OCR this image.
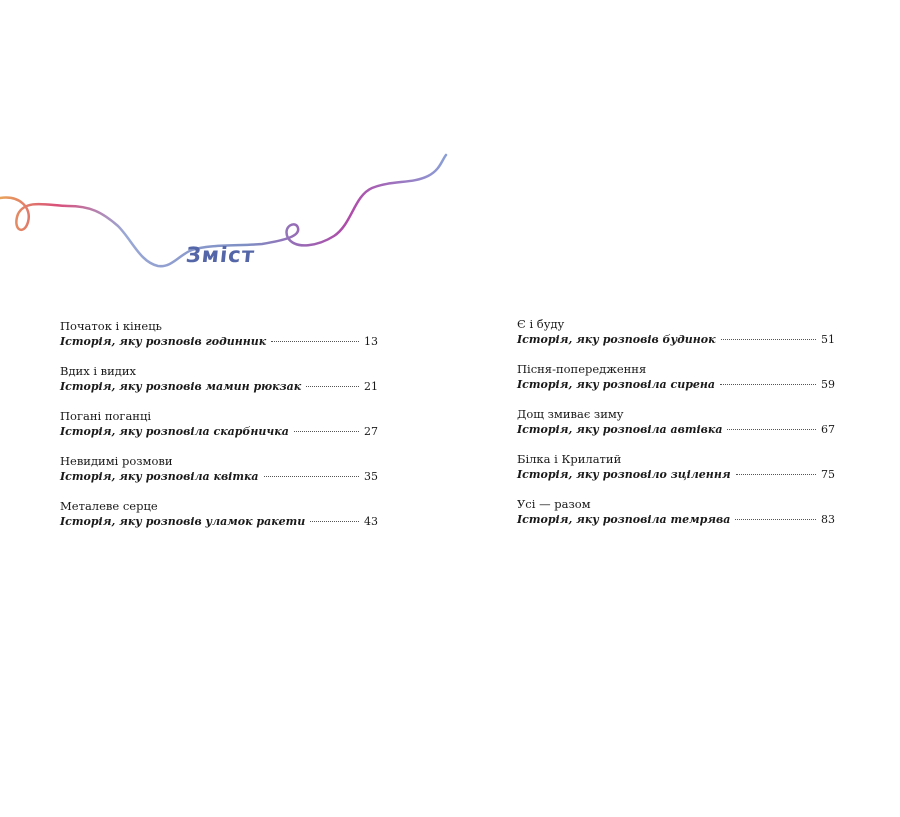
Зміст
Початок і кінець
Історія, яку розповів годинник	13
Вдих і видих
Історія, яку розповів мамин рюкзак	21
Погані поганці
Історія, яку розповіла скарбничка	27
Невидимі розмови
Історія, яку розповіла квітка	35
Металеве серце
Історія, яку розповів уламок ракети	43
Є і буду
Історія, яку розповів будинок	51
Пісня-попередження
Історія, яку розповіла сирена	59
Дощ змиває зиму
Історія, яку розповіла автівка	67
Білка і Крилатий
Історія, яку розповіло зцілення	75
Усі — разом
Історія, яку розповіла темрява	83
